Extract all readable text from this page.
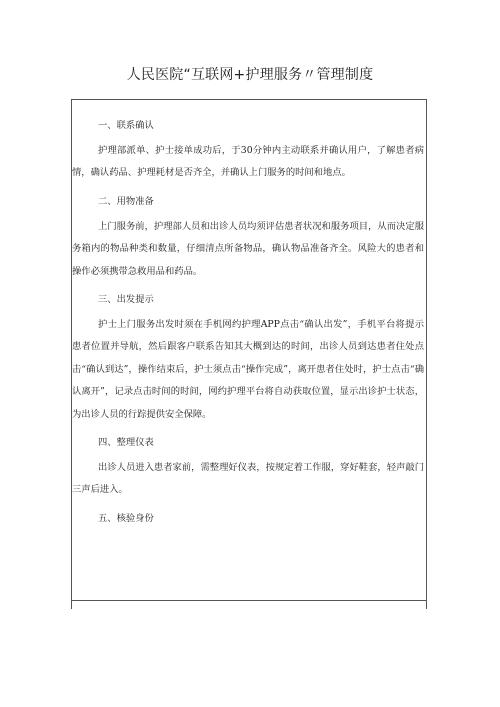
人民医院“互联网+护理服务〃管理制度

一、联系确认

护理部派单、护士接单成功后，于30分钟内主动联系并确认用户，了解患者病情，确认药品、护理耗材是否齐全，并确认上门服务的时间和地点。

二、用物准备

上门服务前，护理部人员和出诊人员均须评估患者状况和服务项目，从而决定服务箱内的物品种类和数量，仔细清点所备物品，确认物品准备齐全。风险大的患者和操作必须携带急救用品和药品。

三、出发提示

护士上门服务出发时须在手机网约护理APP点击“确认出发”，手机平台将提示患者位置并导航，然后跟客户联系告知其大概到达的时间，出诊人员到达患者住处点击“确认到达”，操作结束后，护士须点击“操作完成”，离开患者住处时，护士点击“确认离开”，记录点击时间的时间，网约护理平台将自动获取位置，显示出诊护士状态，为出诊人员的行踪提供安全保障。

四、整理仪表

出诊人员进入患者家前，需整理好仪表，按规定着工作服，穿好鞋套，轻声敲门三声后进入。

五、核验身份
